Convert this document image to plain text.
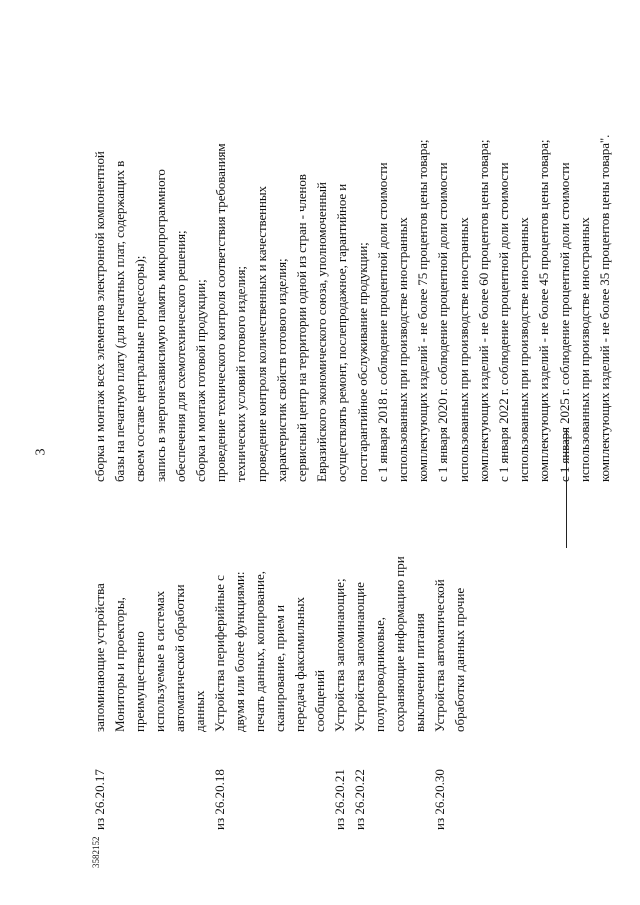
3
3582152
из 26.20.17
запоминающие устройства Мониторы и проекторы, преимущественно используемые в системах автоматической обработки данных
из 26.20.18
Устройства периферийные с двумя или более функциями: печать данных, копирование, сканирование, прием и передача факсимильных сообщений
из 26.20.21 из 26.20.22
Устройства запоминающие; Устройства запоминающие полупроводниковые, сохраняющие информацию при выключении питания
из 26.20.30
Устройства автоматической обработки данных прочие
сборка и монтаж всех элементов электронной компонентной базы на печатную плату (для печатных плат, содержащих в своем составе центральные процессоры); запись в энергонезависимую память микропрограммного обеспечения для схемотехнического решения; сборка и монтаж готовой продукции; проведение технического контроля соответствия требованиям технических условий готового изделия; проведение контроля количественных и качественных характеристик свойств готового изделия; сервисный центр на территории одной из стран - членов Евразийского экономического союза, уполномоченный осуществлять ремонт, послепродажное, гарантийное и постгарантийное обслуживание продукции; с 1 января 2018 г. соблюдение процентной доли стоимости использованных при производстве иностранных комплектующих изделий - не более 75 процентов цены товара; с 1 января 2020 г. соблюдение процентной доли стоимости использованных при производстве иностранных комплектующих изделий - не более 60 процентов цены товара; с 1 января 2022 г. соблюдение процентной доли стоимости использованных при производстве иностранных комплектующих изделий - не более 45 процентов цены товара; с 1 января 2025 г. соблюдение процентной доли стоимости использованных при производстве иностранных комплектующих изделий - не более 35 процентов цены товара".
